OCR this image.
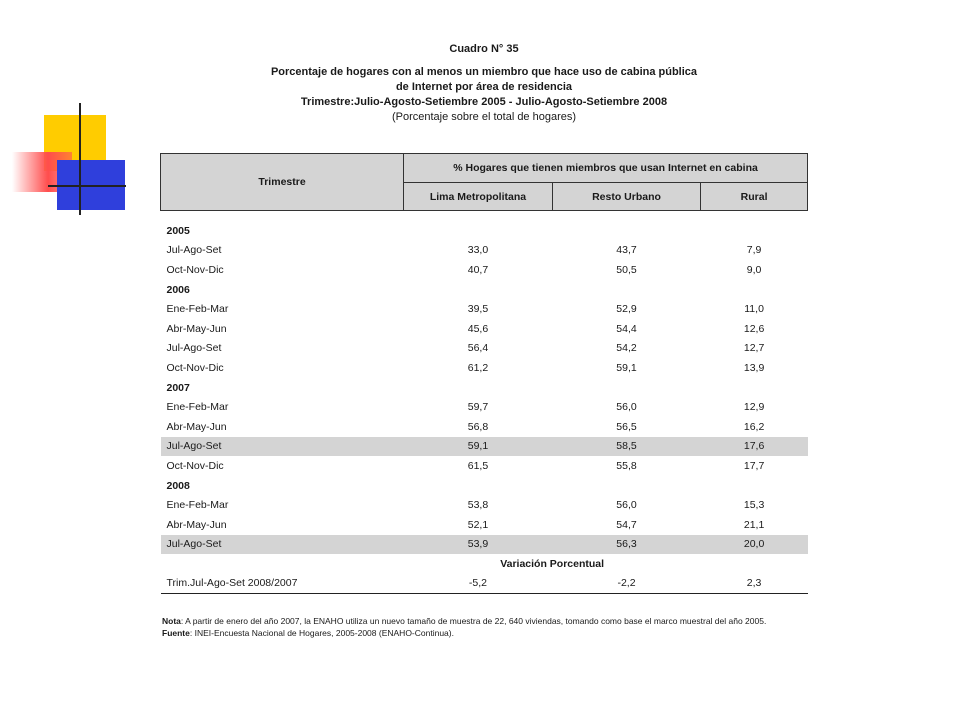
Cuadro N° 35
Porcentaje de hogares con al menos un miembro que hace uso de cabina pública
de Internet por área de residencia
Trimestre:Julio-Agosto-Setiembre 2005 - Julio-Agosto-Setiembre 2008
(Porcentaje sobre el total de hogares)
Trimestre	% Hogares que tienen miembros que usan Internet en cabina		
	Lima Metropolitana	Resto Urbano	Rural

2005			
Jul-Ago-Set	33,0	43,7	7,9
Oct-Nov-Dic	40,7	50,5	9,0
2006			
Ene-Feb-Mar	39,5	52,9	11,0
Abr-May-Jun	45,6	54,4	12,6
Jul-Ago-Set	56,4	54,2	12,7
Oct-Nov-Dic	61,2	59,1	13,9
2007			
Ene-Feb-Mar	59,7	56,0	12,9
Abr-May-Jun	56,8	56,5	16,2
Jul-Ago-Set	59,1	58,5	17,6
Oct-Nov-Dic	61,5	55,8	17,7
2008			
Ene-Feb-Mar	53,8	56,0	15,3
Abr-May-Jun	52,1	54,7	21,1
Jul-Ago-Set	53,9	56,3	20,0
	Variación Porcentual		
Trim.Jul-Ago-Set 2008/2007	-5,2	-2,2	2,3
Nota: A partir de enero del año 2007, la ENAHO utiliza un nuevo tamaño de muestra de 22, 640 viviendas, tomando como base el marco muestral del año 2005.
Fuente: INEI-Encuesta Nacional de Hogares, 2005-2008 (ENAHO-Continua).
